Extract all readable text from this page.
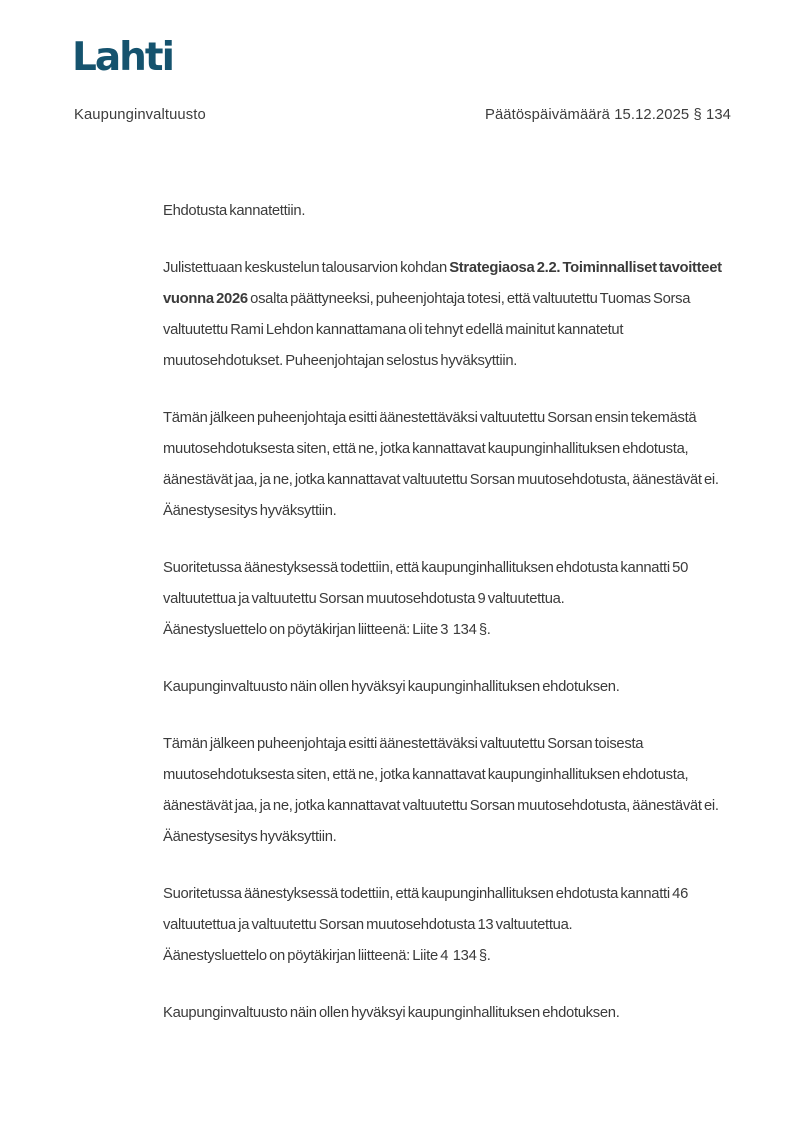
Lahti
Kaupunginvaltuusto	Päätöspäivämäärä 15.12.2025 § 134

Ehdotusta kannatettiin.

Julistettuaan keskustelun talousarvion kohdan Strategiaosa 2.2. Toiminnalliset tavoitteet vuonna 2026 osalta päättyneeksi, puheenjohtaja totesi, että valtuutettu Tuomas Sorsa valtuutettu Rami Lehdon kannattamana oli tehnyt edellä mainitut kannatetut muutosehdotukset. Puheenjohtajan selostus hyväksyttiin.

Tämän jälkeen puheenjohtaja esitti äänestettäväksi valtuutettu Sorsan ensin tekemästä muutosehdotuksesta siten, että ne, jotka kannattavat kaupunginhallituksen ehdotusta, äänestävät jaa, ja ne, jotka kannattavat valtuutettu Sorsan muutosehdotusta, äänestävät ei. Äänestysesitys hyväksyttiin.

Suoritetussa äänestyksessä todettiin, että kaupunginhallituksen ehdotusta kannatti 50 valtuutettua ja valtuutettu Sorsan muutosehdotusta 9 valtuutettua.
Äänestysluettelo on pöytäkirjan liitteenä: Liite 3  134 §.

Kaupunginvaltuusto näin ollen hyväksyi kaupunginhallituksen ehdotuksen.

Tämän jälkeen puheenjohtaja esitti äänestettäväksi valtuutettu Sorsan toisesta muutosehdotuksesta siten, että ne, jotka kannattavat kaupunginhallituksen ehdotusta, äänestävät jaa, ja ne, jotka kannattavat valtuutettu Sorsan muutosehdotusta, äänestävät ei. Äänestysesitys hyväksyttiin.

Suoritetussa äänestyksessä todettiin, että kaupunginhallituksen ehdotusta kannatti 46 valtuutettua ja valtuutettu Sorsan muutosehdotusta 13 valtuutettua.
Äänestysluettelo on pöytäkirjan liitteenä: Liite 4  134 §.

Kaupunginvaltuusto näin ollen hyväksyi kaupunginhallituksen ehdotuksen.
